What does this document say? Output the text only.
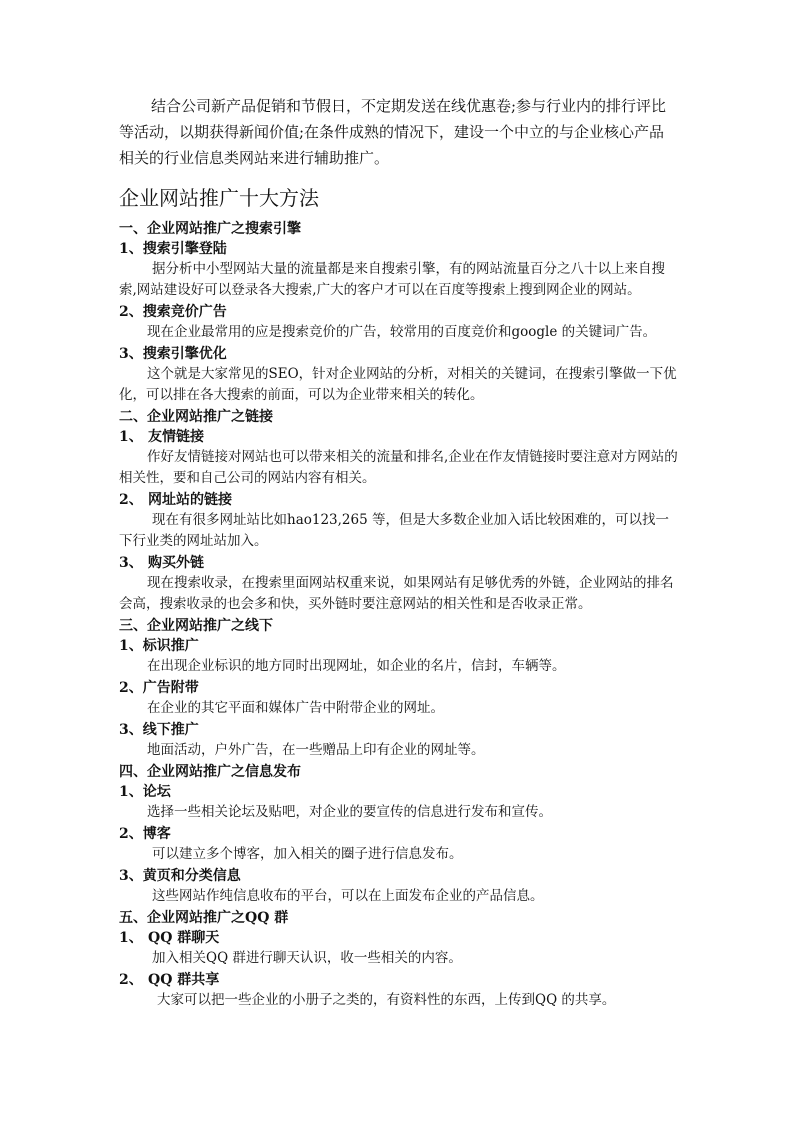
结合公司新产品促销和节假日，不定期发送在线优惠卷;参与行业内的排行评比等活动，以期获得新闻价值;在条件成熟的情况下，建设一个中立的与企业核心产品相关的行业信息类网站来进行辅助推广。

企业网站推广十大方法

一、企业网站推广之搜索引擎

1、搜索引擎登陆

据分析中小型网站大量的流量都是来自搜索引擎，有的网站流量百分之八十以上来自搜索,网站建设好可以登录各大搜索,广大的客户才可以在百度等搜索上搜到网企业的网站。

2、搜索竞价广告

现在企业最常用的应是搜索竞价的广告，较常用的百度竞价和google 的关键词广告。

3、搜索引擎优化

这个就是大家常见的SEO，针对企业网站的分析，对相关的关键词，在搜索引擎做一下优化，可以排在各大搜索的前面，可以为企业带来相关的转化。

二、企业网站推广之链接

1、 友情链接

作好友情链接对网站也可以带来相关的流量和排名,企业在作友情链接时要注意对方网站的相关性，要和自己公司的网站内容有相关。

2、 网址站的链接

现在有很多网址站比如hao123,265 等，但是大多数企业加入话比较困难的，可以找一下行业类的网址站加入。

3、 购买外链

现在搜索收录，在搜索里面网站权重来说，如果网站有足够优秀的外链，企业网站的排名会高，搜索收录的也会多和快，买外链时要注意网站的相关性和是否收录正常。

三、企业网站推广之线下

1、标识推广

在出现企业标识的地方同时出现网址，如企业的名片，信封，车辆等。

2、广告附带

在企业的其它平面和媒体广告中附带企业的网址。

3、线下推广

地面活动，户外广告，在一些赠品上印有企业的网址等。

四、企业网站推广之信息发布

1、论坛

选择一些相关论坛及贴吧，对企业的要宣传的信息进行发布和宣传。

2、博客

可以建立多个博客，加入相关的圈子进行信息发布。

3、黄页和分类信息

这些网站作纯信息收布的平台，可以在上面发布企业的产品信息。

五、企业网站推广之QQ 群

1、 QQ 群聊天

加入相关QQ 群进行聊天认识，收一些相关的内容。

2、 QQ 群共享

大家可以把一些企业的小册子之类的，有资料性的东西，上传到QQ 的共享。
